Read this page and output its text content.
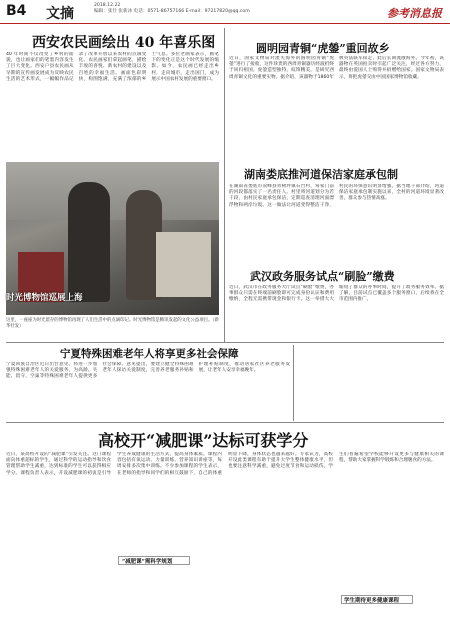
B4 文摘
2018.12.22
编辑：张仕 张新沐 电话：0571-86757166 E-mail：97217820@qq.com	参考消息报
西安农民画绘出 40 年喜乐图
40 年时间不仅改变了乡村的面貌，也让画家们的笔墨内容发生了巨大变化。西安户县农民画从早期的宣传画发展成为反映农民生活的艺术形式，一幅幅作品记录了改革开放以来农村的点滴变化。农民画家们拿起画笔，描绘丰收的喜悦、新农村的建设以及百姓的幸福生活。画面色彩明快，构图饱满，充满了浓郁的乡土气息。多位老画家表示，画笔下的变化正是这个时代发展的缩影。如今，农民画已经走出乡村，走向城市，走出国门，成为展示中国农村发展的重要窗口。
时光博物馆巡展上海
这里，一座座为时光留存的博物馆再现了人们生活中的点滴印记。时光博物馆是腾讯发起的文化公益项目。（新华社发）
圆明园青铜“虎鎣”重回故乡
近日，国家文物局对流失海外的圆明园青铜“虎鎣”进行了接收，这件珍贵的西周青铜器历经波折终于回归祖国。虎鎣造型独特，纹饰精美，是研究西周青铜文化的重要实物。据介绍，该器物于1860年被英法联军掠走，此后长期流散海外。今年初，该器物在英国拍卖时引起广泛关注，经过各方努力，最终由爱国人士购得并捐赠给国家。国家文物局表示，将把虎鎣交由中国国家博物馆收藏。
湖南娄底推河道保洁家庭承包制
在湖南省娄底市双峰县青树坪镇石台村，每家门前的河段都落实了一名责任人。村里将河道划分为若干段，由村民家庭承包保洁，定期巡查清理河面漂浮物和两岸垃圾。这一做法让河道变得整洁干净，村民的环保意识明显增强。据当地干部介绍，河道保洁家庭承包制实施以来，全村的河道环境显著改善，群众参与热情高涨。
武汉政务服务试点“刷脸”缴费
近日，武汉市在政务服务大厅试点“刷脸”缴费，办事群众只需在终端前刷脸即可完成身份认证和费用缴纳，全程无需携带现金和银行卡。这一举措大大缩短了群众的办事时间，提升了政务服务效率。据了解，目前试点已覆盖多个服务窗口，后续将在全市范围内推广。
宁夏特殊困难老年人将享更多社会保障
宁夏回族自治区近日出台意见，将进一步加强特殊困难老年人的关爱服务，为高龄、失能、留守、空巢等特殊困难老年人提供更多社会保障。意见提出，要建立健全特殊困难老年人探访关爱制度，完善养老服务补贴和护理补贴制度，推动居家社区养老服务发展，让老年人安享幸福晚年。
高校开“减肥课”达标可获学分
近日，某高校开设的“减肥课”引发关注。这门课程面向体重超标的学生，通过科学的运动指导和饮食管理帮助学生减重，达到标准的学生可以获得相应学分。课程负责人表示，开设减肥课的初衷是引导学生养成健康的生活方式，提高身体素质。课程内容包括有氧运动、力量训练、营养知识讲座等，每周安排多次集中训练。不少参加课程的学生表示，在老师的指导和同学们的相互鼓励下，自己的体重明显下降，身体状态也越来越好。专家认为，高校开设此类课程有助于提升大学生整体健康水平，但也要注意科学减重，避免过度节食和运动损伤。学生们普遍希望学校能够开设更多与健康相关的课程，帮助大家掌握科学锻炼和合理膳食的方法。
“减肥课”需科学规划
学生期待更多健康课程
